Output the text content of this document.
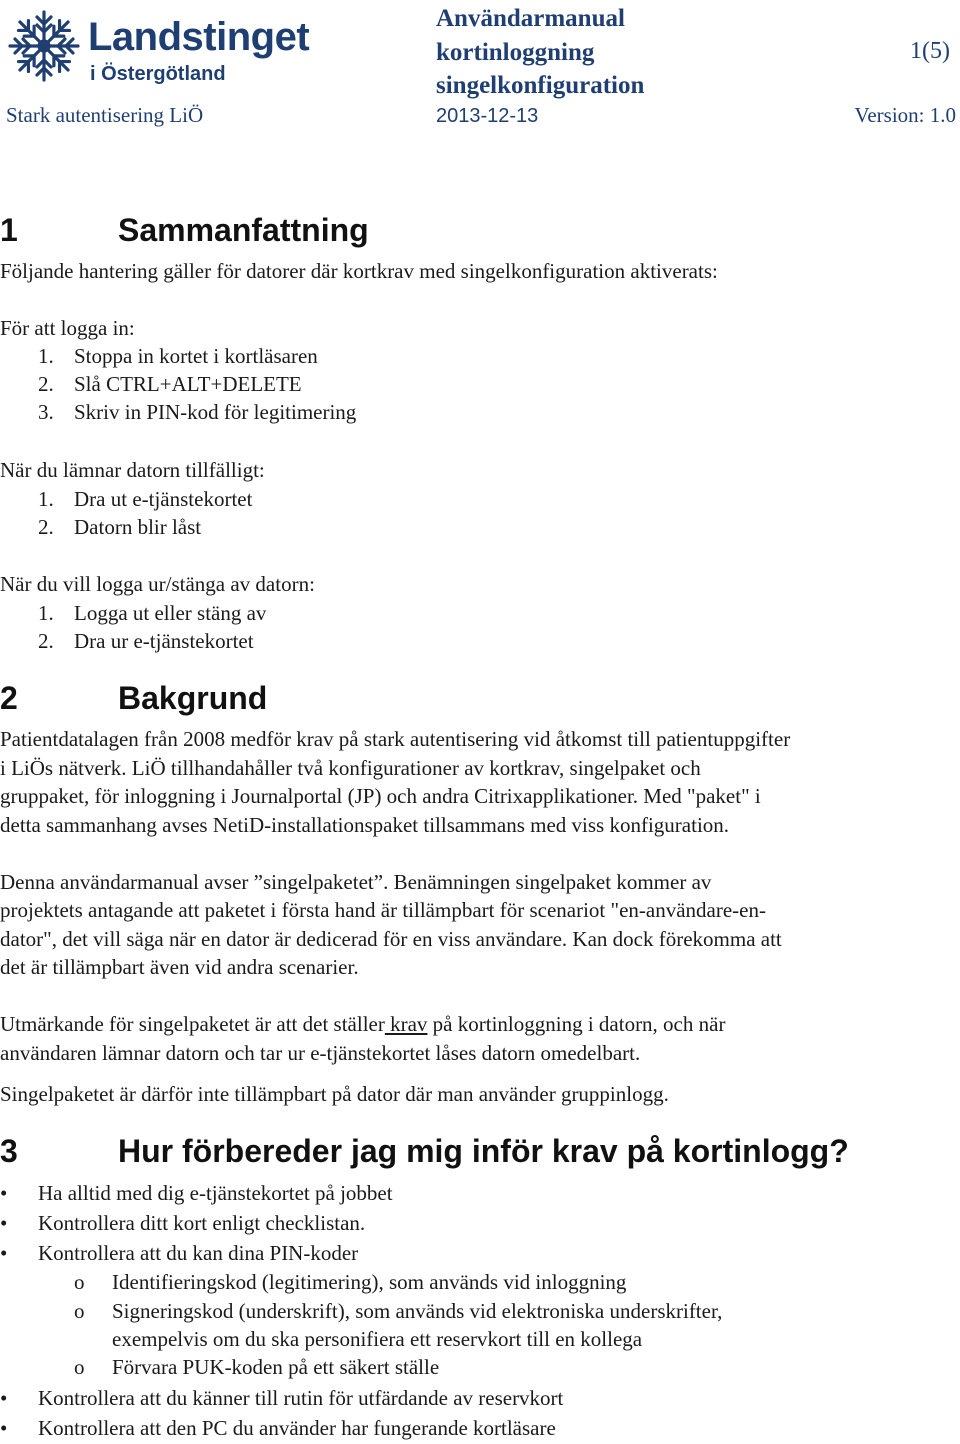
Landstinget
i Östergötland
Användarmanual
kortinloggning
singelkonfiguration
1(5)
Stark autentisering LiÖ	2013-12-13	Version: 1.0
1	Sammanfattning
Följande hantering gäller för datorer där kortkrav med singelkonfiguration aktiverats:
För att logga in:
1. Stoppa in kortet i kortläsaren
2. Slå CTRL+ALT+DELETE
3. Skriv in PIN-kod för legitimering
När du lämnar datorn tillfälligt:
1. Dra ut e-tjänstekortet
2. Datorn blir låst
När du vill logga ur/stänga av datorn:
1. Logga ut eller stäng av
2. Dra ur e-tjänstekortet
2	Bakgrund
Patientdatalagen från 2008 medför krav på stark autentisering vid åtkomst till patientuppgifter
i LiÖs nätverk. LiÖ tillhandahåller två konfigurationer av kortkrav, singelpaket och
gruppaket, för inloggning i Journalportal (JP) och andra Citrixapplikationer. Med "paket" i
detta sammanhang avses NetiD-installationspaket tillsammans med viss konfiguration.
Denna användarmanual avser ”singelpaketet”. Benämningen singelpaket kommer av
projektets antagande att paketet i första hand är tillämpbart för scenariot "en-användare-en-
dator", det vill säga när en dator är dedicerad för en viss användare. Kan dock förekomma att
det är tillämpbart även vid andra scenarier.
Utmärkande för singelpaketet är att det ställer krav på kortinloggning i datorn, och när
användaren lämnar datorn och tar ur e-tjänstekortet låses datorn omedelbart.
Singelpaketet är därför inte tillämpbart på dator där man använder gruppinlogg.
3	Hur förbereder jag mig inför krav på kortinlogg?
• Ha alltid med dig e-tjänstekortet på jobbet
• Kontrollera ditt kort enligt checklistan.
• Kontrollera att du kan dina PIN-koder
o Identifieringskod (legitimering), som används vid inloggning
o Signeringskod (underskrift), som används vid elektroniska underskrifter,
exempelvis om du ska personifiera ett reservkort till en kollega
o Förvara PUK-koden på ett säkert ställe
• Kontrollera att du känner till rutin för utfärdande av reservkort
• Kontrollera att den PC du använder har fungerande kortläsare
